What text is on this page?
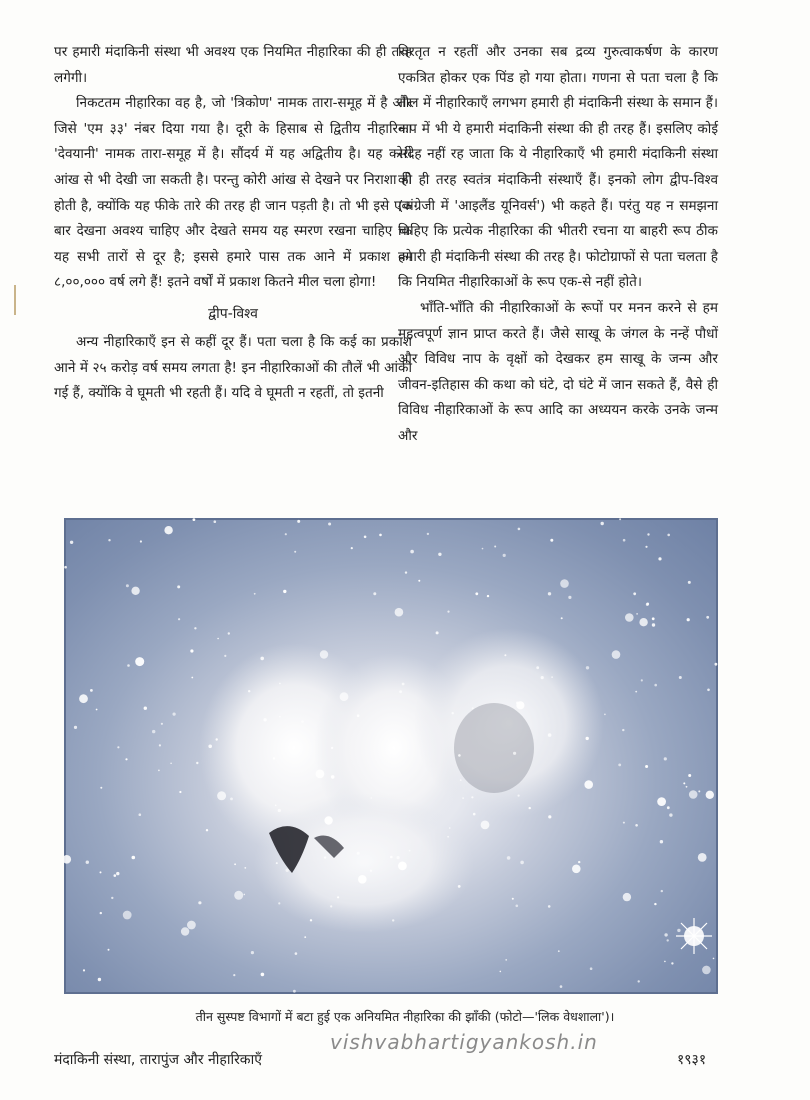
पर हमारी मंदाकिनी संस्था भी अवश्य एक नियमित नीहारिका की ही तरह लगेगी।

निकटतम नीहारिका वह है, जो 'त्रिकोण' नामक तारा-समूह में है और जिसे 'एम ३३' नंबर दिया गया है। दूरी के हिसाब से द्वितीय नीहारिका 'देवयानी' नामक तारा-समूह में है। सौंदर्य में यह अद्वितीय है। यह कोरी आंख से भी देखी जा सकती है। परन्तु कोरी आंख से देखने पर निराशा ही होती है, क्योंकि यह फीके तारे की तरह ही जान पड़ती है। तो भी इसे एक बार देखना अवश्य चाहिए और देखते समय यह स्मरण रखना चाहिए कि यह सभी तारों से दूर है; इससे हमारे पास तक आने में प्रकाश को ८,००,००० वर्ष लगे हैं! इतने वर्षों में प्रकाश कितने मील चला होगा!

द्वीप-विश्व

अन्य नीहारिकाएँ इन से कहीं दूर हैं। पता चला है कि कई का प्रकाश आने में २५ करोड़ वर्ष समय लगता है! इन नीहारिकाओं की तौलें भी आंकी गई हैं, क्योंकि वे घूमती भी रहती हैं। यदि वे घूमती न रहतीं, तो इतनी

विरतृत न रहतीं और उनका सब द्रव्य गुरुत्वाकर्षण के कारण एकत्रित होकर एक पिंड हो गया होता। गणना से पता चला है कि तौल में नीहारिकाएँ लगभग हमारी ही मंदाकिनी संस्था के समान हैं। नाप में भी ये हमारी मंदाकिनी संस्था की ही तरह हैं। इसलिए कोई संदेह नहीं रह जाता कि ये नीहारिकाएँ भी हमारी मंदाकिनी संस्था की ही तरह स्वतंत्र मंदाकिनी संस्थाएँ हैं। इनको लोग द्वीप-विश्व (अंग्रेजी में 'आइलैंड यूनिवर्स') भी कहते हैं। परंतु यह न समझना चाहिए कि प्रत्येक नीहारिका की भीतरी रचना या बाहरी रूप ठीक हमारी ही मंदाकिनी संस्था की तरह है। फोटोग्राफों से पता चलता है कि नियमित नीहारिकाओं के रूप एक-से नहीं होते।

भाँति-भाँति की नीहारिकाओं के रूपों पर मनन करने से हम महत्वपूर्ण ज्ञान प्राप्त करते हैं। जैसे साखू के जंगल के नन्हें पौधों और विविध नाप के वृक्षों को देखकर हम साखू के जन्म और जीवन-इतिहास की कथा को घंटे, दो घंटे में जान सकते हैं, वैसे ही विविध नीहारिकाओं के रूप आदि का अध्ययन करके उनके जन्म और

तीन सुस्पष्ट विभागों में बटा हुई एक अनियमित नीहारिका की झाँकी (फोटो—'लिक वेधशाला')।
vishvabhartigyankosh.in
मंदाकिनी संस्था, तारापुंज और नीहारिकाएँ	१९३१
